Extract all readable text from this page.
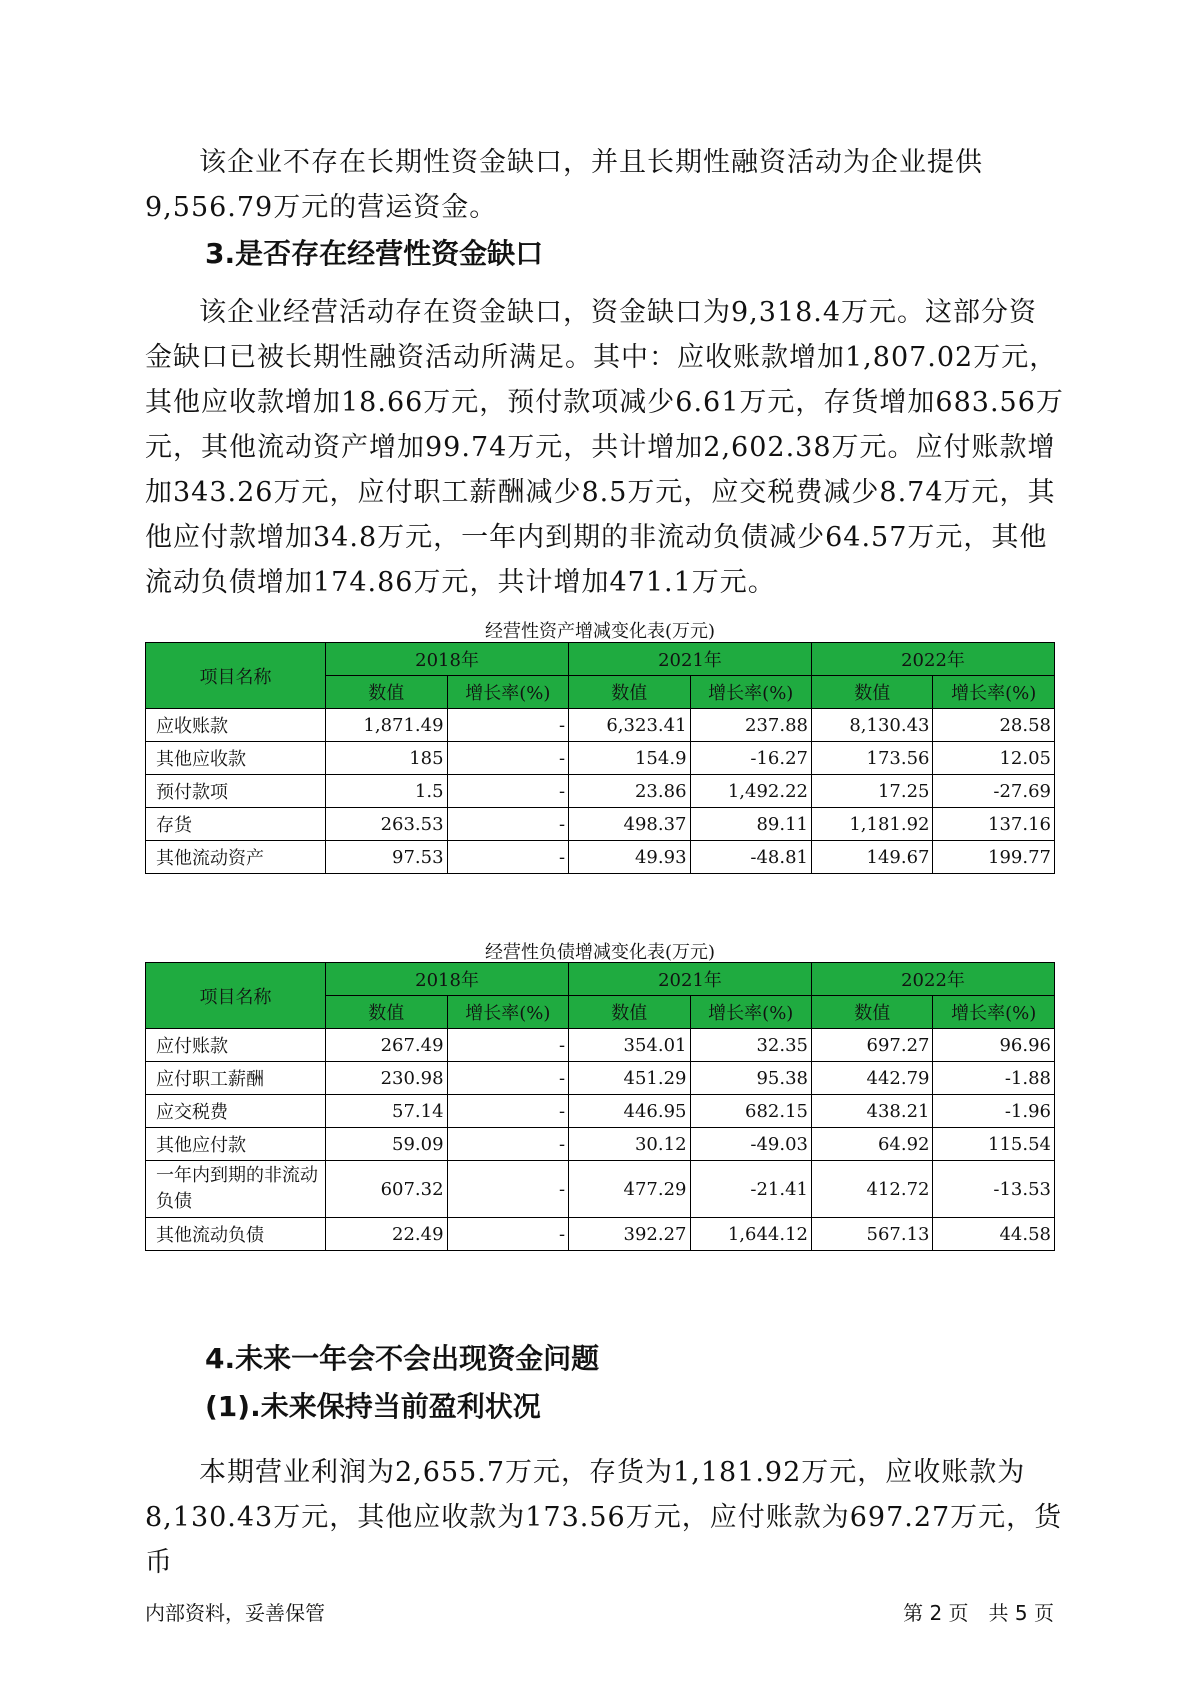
该企业不存在长期性资金缺口，并且长期性融资活动为企业提供9,556.79万元的营运资金。

3.是否存在经营性资金缺口

该企业经营活动存在资金缺口，资金缺口为9,318.4万元。这部分资金缺口已被长期性融资活动所满足。其中：应收账款增加1,807.02万元，其他应收款增加18.66万元，预付款项减少6.61万元，存货增加683.56万元，其他流动资产增加99.74万元，共计增加2,602.38万元。应付账款增加343.26万元，应付职工薪酬减少8.5万元，应交税费减少8.74万元，其他应付款增加34.8万元，一年内到期的非流动负债减少64.57万元，其他流动负债增加174.86万元，共计增加471.1万元。

经营性资产增减变化表(万元)
项目名称	2018年		2021年		2022年	
	数值	增长率(%)	数值	增长率(%)	数值	增长率(%)
应收账款	1,871.49	-	6,323.41	237.88	8,130.43	28.58
其他应收款	185	-	154.9	-16.27	173.56	12.05
预付款项	1.5	-	23.86	1,492.22	17.25	-27.69
存货	263.53	-	498.37	89.11	1,181.92	137.16
其他流动资产	97.53	-	49.93	-48.81	149.67	199.77
经营性负债增减变化表(万元)
项目名称	2018年		2021年		2022年	
	数值	增长率(%)	数值	增长率(%)	数值	增长率(%)
应付账款	267.49	-	354.01	32.35	697.27	96.96
应付职工薪酬	230.98	-	451.29	95.38	442.79	-1.88
应交税费	57.14	-	446.95	682.15	438.21	-1.96
其他应付款	59.09	-	30.12	-49.03	64.92	115.54
一年内到期的非流动负债	607.32	-	477.29	-21.41	412.72	-13.53
其他流动负债	22.49	-	392.27	1,644.12	567.13	44.58
4.未来一年会不会出现资金问题
(1).未来保持当前盈利状况

本期营业利润为2,655.7万元，存货为1,181.92万元，应收账款为8,130.43万元，其他应收款为173.56万元，应付账款为697.27万元，货币

内部资料，妥善保管	第 2 页　共 5 页
